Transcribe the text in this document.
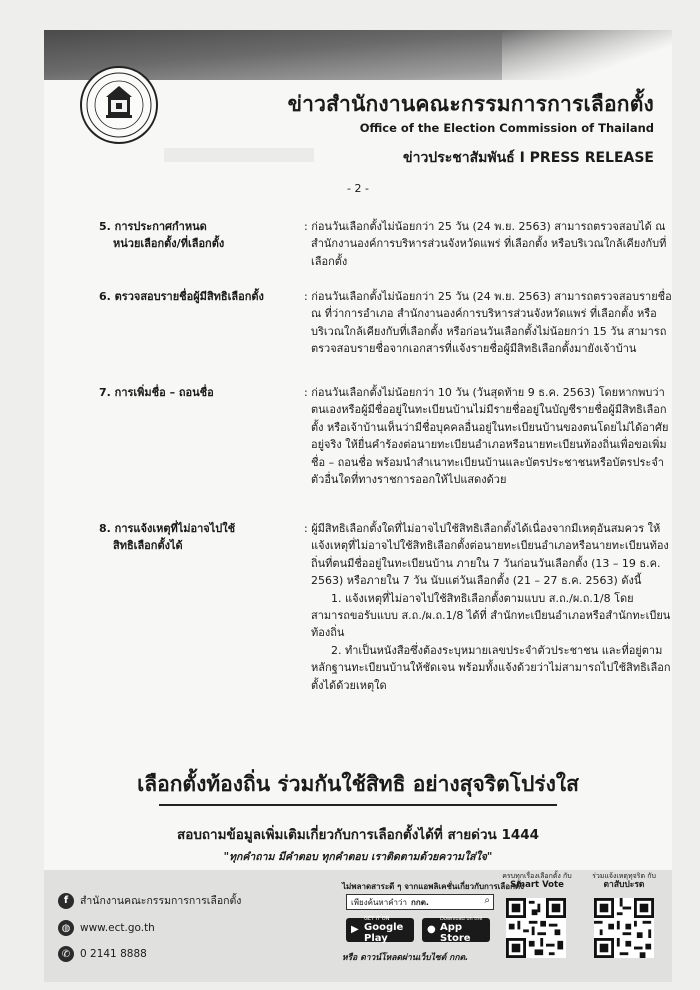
ข่าวสำนักงานคณะกรรมการการเลือกตั้ง
Office of the Election Commission of Thailand
ข่าวประชาสัมพันธ์ I PRESS RELEASE
- 2 -
5. การประกาศกำหนด
หน่วยเลือกตั้ง/ที่เลือกตั้ง
: ก่อนวันเลือกตั้งไม่น้อยกว่า 25 วัน (24 พ.ย. 2563) สามารถตรวจสอบได้ ณ สำนักงานองค์การบริหารส่วนจังหวัดแพร่ ที่เลือกตั้ง หรือบริเวณใกล้เคียงกับที่เลือกตั้ง
6. ตรวจสอบรายชื่อผู้มีสิทธิเลือกตั้ง	: ก่อนวันเลือกตั้งไม่น้อยกว่า 25 วัน (24 พ.ย. 2563) สามารถตรวจสอบรายชื่อ ณ ที่ว่าการอำเภอ สำนักงานองค์การบริหารส่วนจังหวัดแพร่ ที่เลือกตั้ง หรือบริเวณใกล้เคียงกับที่เลือกตั้ง หรือก่อนวันเลือกตั้งไม่น้อยกว่า 15 วัน สามารถตรวจสอบรายชื่อจากเอกสารที่แจ้งรายชื่อผู้มีสิทธิเลือกตั้งมายังเจ้าบ้าน
7. การเพิ่มชื่อ – ถอนชื่อ	: ก่อนวันเลือกตั้งไม่น้อยกว่า 10 วัน (วันสุดท้าย 9 ธ.ค. 2563) โดยหากพบว่าตนเองหรือผู้มีชื่ออยู่ในทะเบียนบ้านไม่มีรายชื่ออยู่ในบัญชีรายชื่อผู้มีสิทธิเลือกตั้ง หรือเจ้าบ้านเห็นว่ามีชื่อบุคคลอื่นอยู่ในทะเบียนบ้านของตนโดยไม่ได้อาศัยอยู่จริง ให้ยื่นคำร้องต่อนายทะเบียนอำเภอหรือนายทะเบียนท้องถิ่นเพื่อขอเพิ่มชื่อ – ถอนชื่อ พร้อมนำสำเนาทะเบียนบ้านและบัตรประชาชนหรือบัตรประจำตัวอื่นใดที่ทางราชการออกให้ไปแสดงด้วย
8. การแจ้งเหตุที่ไม่อาจไปใช้
สิทธิเลือกตั้งได้
: ผู้มีสิทธิเลือกตั้งใดที่ไม่อาจไปใช้สิทธิเลือกตั้งได้เนื่องจากมีเหตุอันสมควร ให้แจ้งเหตุที่ไม่อาจไปใช้สิทธิเลือกตั้งต่อนายทะเบียนอำเภอหรือนายทะเบียนท้องถิ่นที่ตนมีชื่ออยู่ในทะเบียนบ้าน ภายใน 7 วันก่อนวันเลือกตั้ง (13 – 19 ธ.ค. 2563) หรือภายใน 7 วัน นับแต่วันเลือกตั้ง (21 – 27 ธ.ค. 2563) ดังนี้
1. แจ้งเหตุที่ไม่อาจไปใช้สิทธิเลือกตั้งตามแบบ ส.ถ./ผ.ถ.1/8 โดยสามารถขอรับแบบ ส.ถ./ผ.ถ.1/8 ได้ที่ สำนักทะเบียนอำเภอหรือสำนักทะเบียนท้องถิ่น
2. ทำเป็นหนังสือซึ่งต้องระบุหมายเลขประจำตัวประชาชน และที่อยู่ตามหลักฐานทะเบียนบ้านให้ชัดเจน พร้อมทั้งแจ้งด้วยว่าไม่สามารถไปใช้สิทธิเลือกตั้งได้ด้วยเหตุใด
เลือกตั้งท้องถิ่น ร่วมกันใช้สิทธิ อย่างสุจริตโปร่งใส
สอบถามข้อมูลเพิ่มเติมเกี่ยวกับการเลือกตั้งได้ที่ สายด่วน 1444
"ทุกคำถาม มีคำตอบ ทุกคำตอบ เราติดตามด้วยความใส่ใจ"
f	สำนักงานคณะกรรมการการเลือกตั้ง
◍ www.ect.go.th
✆ 0 2141 8888
ไม่พลาดสาระดี ๆ จากแอพลิเคชั่นเกี่ยวกับการเลือกตั้ง
เพียงค้นหาคำว่า กกต.	⌕
▶
GET IT ON
Google Play
●
Download on the
App Store
หรือ ดาวน์โหลดผ่านเว็บไซต์ กกต.
ครบทุกเรื่องเลือกตั้ง กับ
Smart Vote
ร่วมแจ้งเหตุทุจริต กับ
ตาสับปะรด
